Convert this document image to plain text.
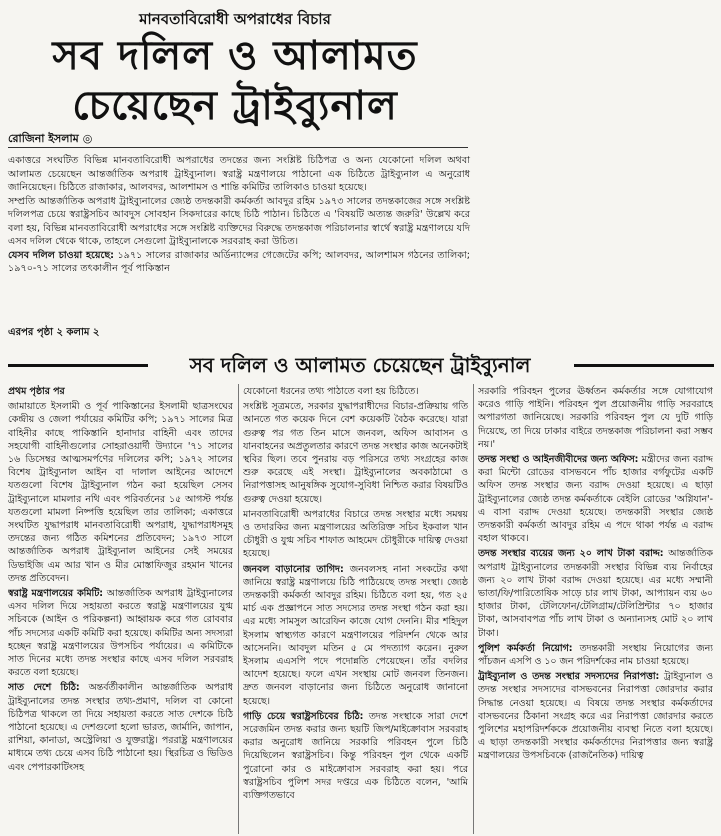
মানবতাবিরোধী অপরাধের বিচার
সব দলিল ও আলামত
চেয়েছেন ট্রাইব্যুনাল
রোজিনা ইসলাম ◎

একাত্তরে সংঘটিত বিভিন্ন মানবতাবিরোধী অপরাধের তদন্তের জন্য সংশ্লিষ্ট চিঠিপত্র ও অন্য যেকোনো দলিল অথবা আলামত চেয়েছেন আন্তর্জাতিক অপরাধ ট্রাইব্যুনাল। স্বরাষ্ট্র মন্ত্রণালয়ে পাঠানো এক চিঠিতে ট্রাইব্যুনাল এ অনুরোধ জানিয়েছেন। চিঠিতে রাজাকার, আলবদর, আলশামস ও শান্তি কমিটির তালিকাও চাওয়া হয়েছে।

সম্প্রতি আন্তর্জাতিক অপরাধ ট্রাইব্যুনালের জ্যেষ্ঠ তদন্তকারী কর্মকর্তা আবদুর রহিম ১৯৭৩ সালের তদন্তকাজের সঙ্গে সংশ্লিষ্ট দলিলপত্র চেয়ে স্বরাষ্ট্রসচিব আবদুস সোবহান সিকদারের কাছে চিঠি পাঠান। চিঠিতে এ 'বিষয়টি অত্যন্ত জরুরি' উল্লেখ করে বলা হয়, বিভিন্ন মানবতাবিরোধী অপরাধের সঙ্গে সংশ্লিষ্ট ব্যক্তিদের বিরুদ্ধে তদন্তকাজ পরিচালনার স্বার্থে স্বরাষ্ট্র মন্ত্রণালয়ে যদি এসব দলিল থেকে থাকে, তাহলে সেগুলো ট্রাইব্যুনালকে সরবরাহ করা উচিত।

যেসব দলিল চাওয়া হয়েছে: ১৯৭১ সালের রাজাকার অর্ডিন্যান্সের গেজেটের কপি; আলবদর, আলশামস গঠনের তালিকা; ১৯৭০-৭১ সালের তৎকালীন পূর্ব পাকিস্তান

এরপর পৃষ্ঠা ২ কলাম ২
সব দলিল ও আলামত চেয়েছেন ট্রাইব্যুনাল

প্রথম পৃষ্ঠার পর

জামায়াতে ইসলামী ও পূর্ব পাকিস্তানের ইসলামী ছাত্রসংঘের কেন্দ্রীয় ও জেলা পর্যায়ের কমিটির কপি; ১৯৭১ সালের মিত্র বাহিনীর কাছে পাকিস্তানি হানাদার বাহিনী এবং তাদের সহযোগী বাহিনীগুলোর সোহরাওয়ার্দী উদ্যানে '৭১ সালের ১৬ ডিসেম্বর আত্মসমর্পণের দলিলের কপি; ১৯৭২ সালের বিশেষ ট্রাইব্যুনাল আইন বা দালাল আইনের আদেশে যতগুলো বিশেষ ট্রাইব্যুনাল গঠন করা হয়েছিল সেসব ট্রাইব্যুনালে মামলার নথি এবং পরিবর্তনের ১৫ আগস্ট পর্যন্ত যতগুলো মামলা নিষ্পত্তি হয়েছিল তার তালিকা; একাত্তরে সংঘটিত যুদ্ধাপরাধ মানবতাবিরোধী অপরাধ, যুদ্ধাপরাধসমূহ তদন্তের জন্য গঠিত কমিশনের প্রতিবেদন; ১৯৭৩ সালে আন্তর্জাতিক অপরাধ ট্রাইব্যুনাল আইনের সেই সময়ের ডিভাইজি এম আর খান ও মীর মোস্তাফিজুর রহমান খানের তদন্ত প্রতিবেদন।

স্বরাষ্ট্র মন্ত্রণালয়ের কমিটি: আন্তর্জাতিক অপরাধ ট্রাইব্যুনালের এসব দলিল দিয়ে সহায়তা করতে স্বরাষ্ট্র মন্ত্রণালয়ের যুগ্ম সচিবকে (আইন ও পরিকল্পনা) আহ্বায়ক করে গত রোববার পাঁচ সদস্যের একটি কমিটি করা হয়েছে। কমিটির অন্য সদস্যরা হচ্ছেন স্বরাষ্ট্র মন্ত্রণালয়ের উপসচিব পর্যায়ের। এ কমিটিকে সাত দিনের মধ্যে তদন্ত সংস্থার কাছে এসব দলিল সরবরাহ করতে বলা হয়েছে।

সাত দেশে চিঠি: অন্তর্বর্তীকালীন আন্তর্জাতিক অপরাধ ট্রাইব্যুনালের তদন্ত সংস্থার তথ্য-প্রমাণ, দলিল বা কোনো চিঠিপত্র থাকলে তা দিয়ে সহায়তা করতে সাত দেশকে চিঠি পাঠানো হয়েছে। এ দেশগুলো হলো ভারত, জার্মানি, জাপান, রাশিয়া, কানাডা, অস্ট্রেলিয়া ও যুক্তরাষ্ট্র। পররাষ্ট্র মন্ত্রণালয়ের মাধ্যমে তথ্য চেয়ে এসব চিঠি পাঠানো হয়। স্থিরচিত্র ও ভিডিও এবং পেপারকাটিংসহ

যেকোনো ধরনের তথ্য পাঠাতে বলা হয় চিঠিতে।

সংশ্লিষ্ট সূত্রমতে, সরকার যুদ্ধাপরাধীদের বিচার-প্রক্রিয়ায় গতি আনতে গত কয়েক দিনে বেশ কয়েকটি বৈঠক করেছে। যারা গুরুত্ব পর গত তিন মাসে জনবল, অফিস আবাসন ও যানবাহনের অপ্রতুলতার কারণে তদন্ত সংস্থার কাজ অনেকটাই স্থবির ছিল। তবে পুনরায় বড় পরিসরে তথ্য সংগ্রহের কাজ শুরু করেছে এই সংস্থা। ট্রাইব্যুনালের অবকাঠামো ও নিরাপত্তাসহ আনুষঙ্গিক সুযোগ-সুবিধা নিশ্চিত করার বিষয়টিও গুরুত্ব দেওয়া হয়েছে।

মানবতাবিরোধী অপরাধের বিচারে তদন্ত সংস্থার মধ্যে সমন্বয় ও তদারকির জন্য মন্ত্রণালয়ের অতিরিক্ত সচিব ইকবাল খান চৌধুরী ও যুগ্ম সচিব শাফাত আহমেদ চৌধুরীকে দায়িত্ব দেওয়া হয়েছে।

জনবল বাড়ানোর তাগিদ: জনবলসহ নানা সংকটের কথা জানিয়ে স্বরাষ্ট্র মন্ত্রণালয়ে চিঠি পাঠিয়েছে তদন্ত সংস্থা। জ্যেষ্ঠ তদন্তকারী কর্মকর্তা আবদুর রহিম। চিঠিতে বলা হয়, গত ২৫ মার্চ এক প্রজ্ঞাপনে সাত সদস্যের তদন্ত সংস্থা গঠন করা হয়। এর মধ্যে সামসুল আরেফিন কাজে যোগ দেননি। মীর শহিদুল ইসলাম স্বাস্থ্যগত কারণে মন্ত্রণালয়ের পরিদর্শন থেকে আর আসেননি। আবদুল মতিন ৫ মে পদত্যাগ করেন। নুরুল ইসলাম এএসপি পদে পদোন্নতি পেয়েছেন। তাঁর বদলির আদেশ হয়েছে। ফলে এখন সংস্থায় মোট জনবল তিনজন। দ্রুত জনবল বাড়ানোর জন্য চিঠিতে অনুরোধ জানানো হয়েছে।

গাড়ি চেয়ে স্বরাষ্ট্রসচিবের চিঠি: তদন্ত সংস্থাকে সারা দেশে সরেজমিন তদন্ত করার জন্য ছয়টি জিপ/মাইক্রোবাস সরবরাহ করার অনুরোধ জানিয়ে সরকারি পরিবহন পুলে চিঠি দিয়েছিলেন স্বরাষ্ট্রসচিব। কিন্তু পরিবহন পুল থেকে একটি পুরোনো কার ও মাইক্রোবাস সরবরাহ করা হয়। পরে স্বরাষ্ট্রসচিব পুলিশ সদর দপ্তরে এক চিঠিতে বলেন, 'আমি ব্যক্তিগতভাবে

সরকারি পরিবহন পুলের ঊর্ধ্বতন কর্মকর্তার সঙ্গে যোগাযোগ করেও গাড়ি পাইনি। পরিবহন পুল প্রয়োজনীয় গাড়ি সরবরাহে অপারগতা জানিয়েছে। সরকারি পরিবহন পুল যে দুটি গাড়ি দিয়েছে, তা দিয়ে ঢাকার বাইরে তদন্তকাজ পরিচালনা করা সম্ভব নয়।'

তদন্ত সংস্থা ও আইনজীবীদের জন্য অফিস: মন্ত্রীদের জন্য বরাদ্দ করা মিন্টো রোডের বাসভবনে পাঁচ হাজার বর্গফুটের একটি অফিস তদন্ত সংস্থার জন্য বরাদ্দ দেওয়া হয়েছে। এ ছাড়া ট্রাইব্যুনালের জ্যেষ্ঠ তদন্ত কর্মকর্তাকে বেইলি রোডের 'অগ্নিযান'-এ বাসা বরাদ্দ দেওয়া হয়েছে। তদন্তকারী সংস্থার জ্যেষ্ঠ তদন্তকারী কর্মকর্তা আবদুর রহিম এ পদে থাকা পর্যন্ত এ বরাদ্দ বহাল থাকবে।

তদন্ত সংস্থার ব্যয়ের জন্য ২০ লাখ টাকা বরাদ্দ: আন্তর্জাতিক অপরাধ ট্রাইব্যুনালের তদন্তকারী সংস্থার বিভিন্ন ব্যয় নির্বাহের জন্য ২০ লাখ টাকা বরাদ্দ দেওয়া হয়েছে। এর মধ্যে সম্মানী ভাতা/ফি/পারিতোষিক সাড়ে চার লাখ টাকা, আপ্যায়ন ব্যয় ৬০ হাজার টাকা, টেলিফোন/টেলিগ্রাম/টেলিপ্রিন্টার ৭০ হাজার টাকা, আসবাবপত্র পাঁচ লাখ টাকা ও অন্যান্যসহ মোট ২০ লাখ টাকা।

পুলিশ কর্মকর্তা নিয়োগ: তদন্তকারী সংস্থায় নিয়োগের জন্য পাঁচজন এসপি ও ১০ জন পরিদর্শকের নাম চাওয়া হয়েছে।

ট্রাইব্যুনাল ও তদন্ত সংস্থার সদস্যদের নিরাপত্তা: ট্রাইব্যুনাল ও তদন্ত সংস্থার সদস্যদের বাসভবনের নিরাপত্তা জোরদার করার সিদ্ধান্ত নেওয়া হয়েছে। এ বিষয়ে তদন্ত সংস্থার কর্মকর্তাদের বাসভবনের ঠিকানা সংগ্রহ করে এর নিরাপত্তা জোরদার করতে পুলিশের মহাপরিদর্শককে প্রয়োজনীয় ব্যবস্থা নিতে বলা হয়েছে। এ ছাড়া তদন্তকারী সংস্থার কর্মকর্তাদের নিরাপত্তার জন্য স্বরাষ্ট্র মন্ত্রণালয়ের উপসচিবকে (রাজনৈতিক) দায়িত্ব
